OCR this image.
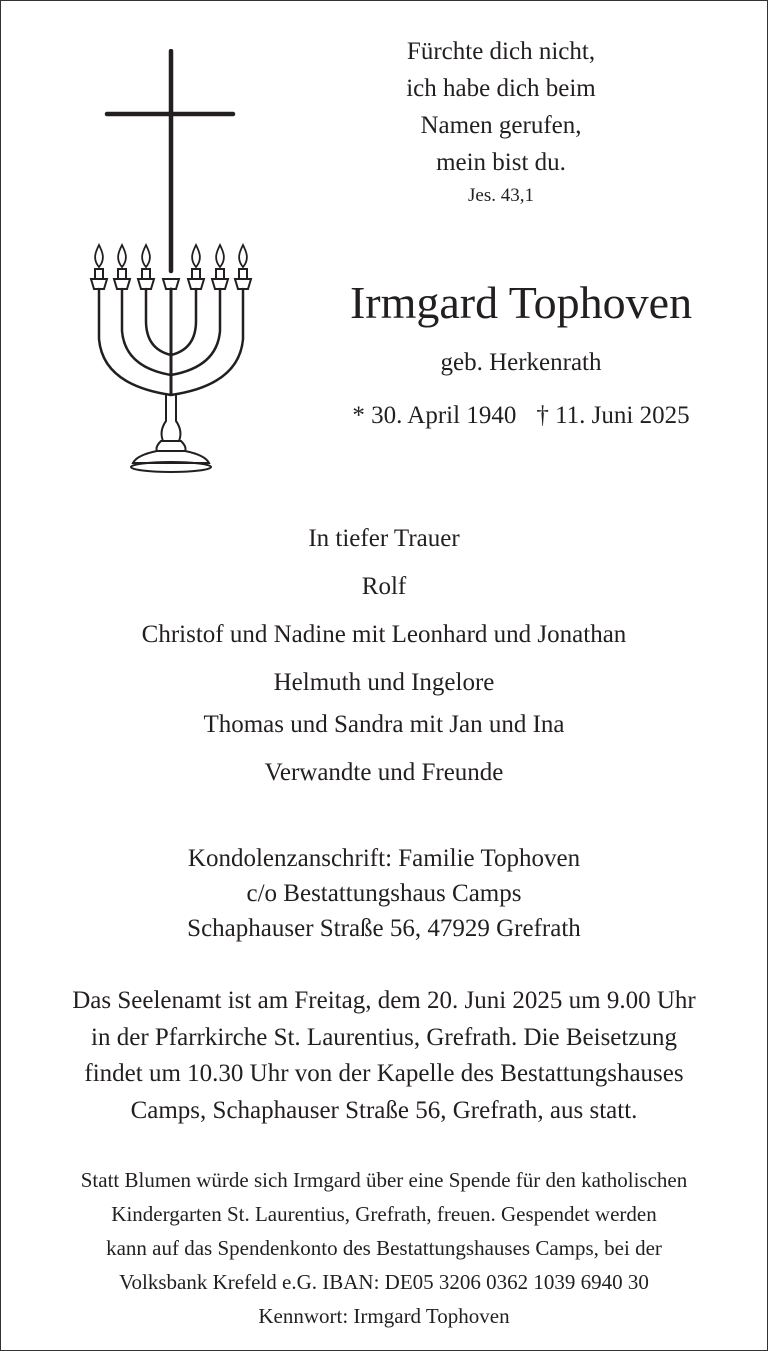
Fürchte dich nicht,
ich habe dich beim
Namen gerufen,
mein bist du.
Jes. 43,1
Irmgard Tophoven
geb. Herkenrath
* 30. April 1940 † 11. Juni 2025
In tiefer Trauer
Rolf
Christof und Nadine mit Leonhard und Jonathan
Helmuth und Ingelore
Thomas und Sandra mit Jan und Ina
Verwandte und Freunde
Kondolenzanschrift: Familie Tophoven
c/o Bestattungshaus Camps
Schaphauser Straße 56, 47929 Grefrath
Das Seelenamt ist am Freitag, dem 20. Juni 2025 um 9.00 Uhr
in der Pfarrkirche St. Laurentius, Grefrath. Die Beisetzung
findet um 10.30 Uhr von der Kapelle des Bestattungshauses
Camps, Schaphauser Straße 56, Grefrath, aus statt.
Statt Blumen würde sich Irmgard über eine Spende für den katholischen
Kindergarten St. Laurentius, Grefrath, freuen. Gespendet werden
kann auf das Spendenkonto des Bestattungshauses Camps, bei der
Volksbank Krefeld e.G. IBAN: DE05 3206 0362 1039 6940 30
Kennwort: Irmgard Tophoven
